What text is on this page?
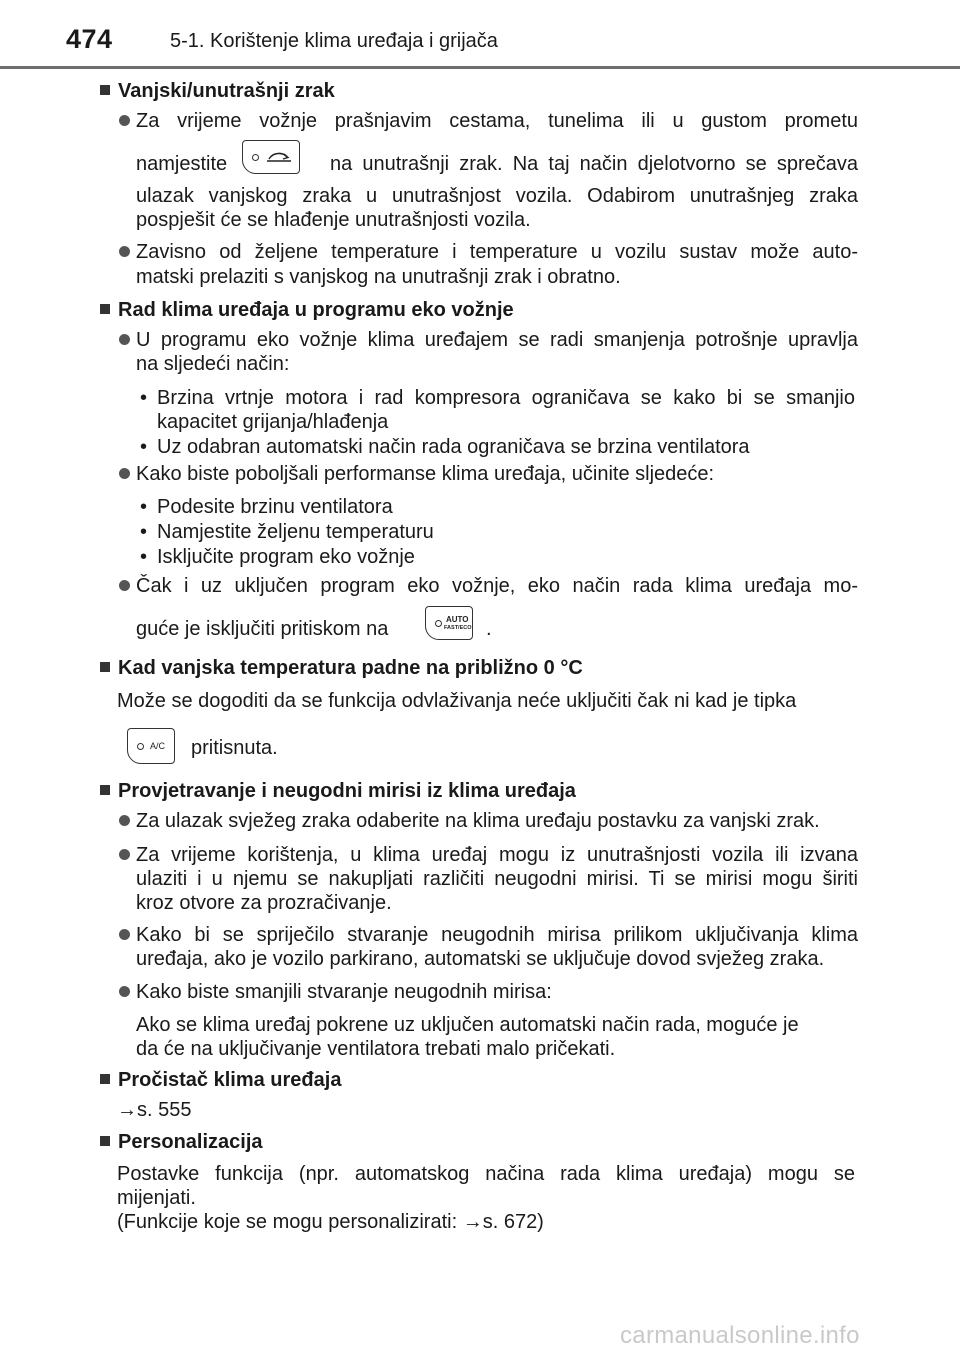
474	5-1. Korištenje klima uređaja i grijača
Vanjski/unutrašnji zrak
Za vrijeme vožnje prašnjavim cestama, tunelima ili u gustom prometu
namjestite	na unutrašnji zrak. Na taj način djelotvorno se sprečava
ulazak vanjskog zraka u unutrašnjost vozila. Odabirom unutrašnjeg zraka
pospješit će se hlađenje unutrašnjosti vozila.
Zavisno od željene temperature i temperature u vozilu sustav može auto-
matski prelaziti s vanjskog na unutrašnji zrak i obratno.
Rad klima uređaja u programu eko vožnje
U programu eko vožnje klima uređajem se radi smanjenja potrošnje upravlja
na sljedeći način:
• Brzina vrtnje motora i rad kompresora ograničava se kako bi se smanjio
kapacitet grijanja/hlađenja
• Uz odabran automatski način rada ograničava se brzina ventilatora
Kako biste poboljšali performanse klima uređaja, učinite sljedeće:
• Podesite brzinu ventilatora
• Namjestite željenu temperaturu
• Isključite program eko vožnje
Čak i uz uključen program eko vožnje, eko način rada klima uređaja mo-
guće je isključiti pritiskom na	AUTO
FAST/ECO .
Kad vanjska temperatura padne na približno 0 °C
Može se dogoditi da se funkcija odvlaživanja neće uključiti čak ni kad je tipka
A/C pritisnuta.
Provjetravanje i neugodni mirisi iz klima uređaja
Za ulazak svježeg zraka odaberite na klima uređaju postavku za vanjski zrak.
Za vrijeme korištenja, u klima uređaj mogu iz unutrašnjosti vozila ili izvana
ulaziti i u njemu se nakupljati različiti neugodni mirisi. Ti se mirisi mogu širiti
kroz otvore za prozračivanje.
Kako bi se spriječilo stvaranje neugodnih mirisa prilikom uključivanja klima
uređaja, ako je vozilo parkirano, automatski se uključuje dovod svježeg zraka.
Kako biste smanjili stvaranje neugodnih mirisa:
Ako se klima uređaj pokrene uz uključen automatski način rada, moguće je
da će na uključivanje ventilatora trebati malo pričekati.
Pročistač klima uređaja
→s. 555
Personalizacija
Postavke funkcija (npr. automatskog načina rada klima uređaja) mogu se
mijenjati.
(Funkcije koje se mogu personalizirati: →s. 672)
carmanualsonline.info
